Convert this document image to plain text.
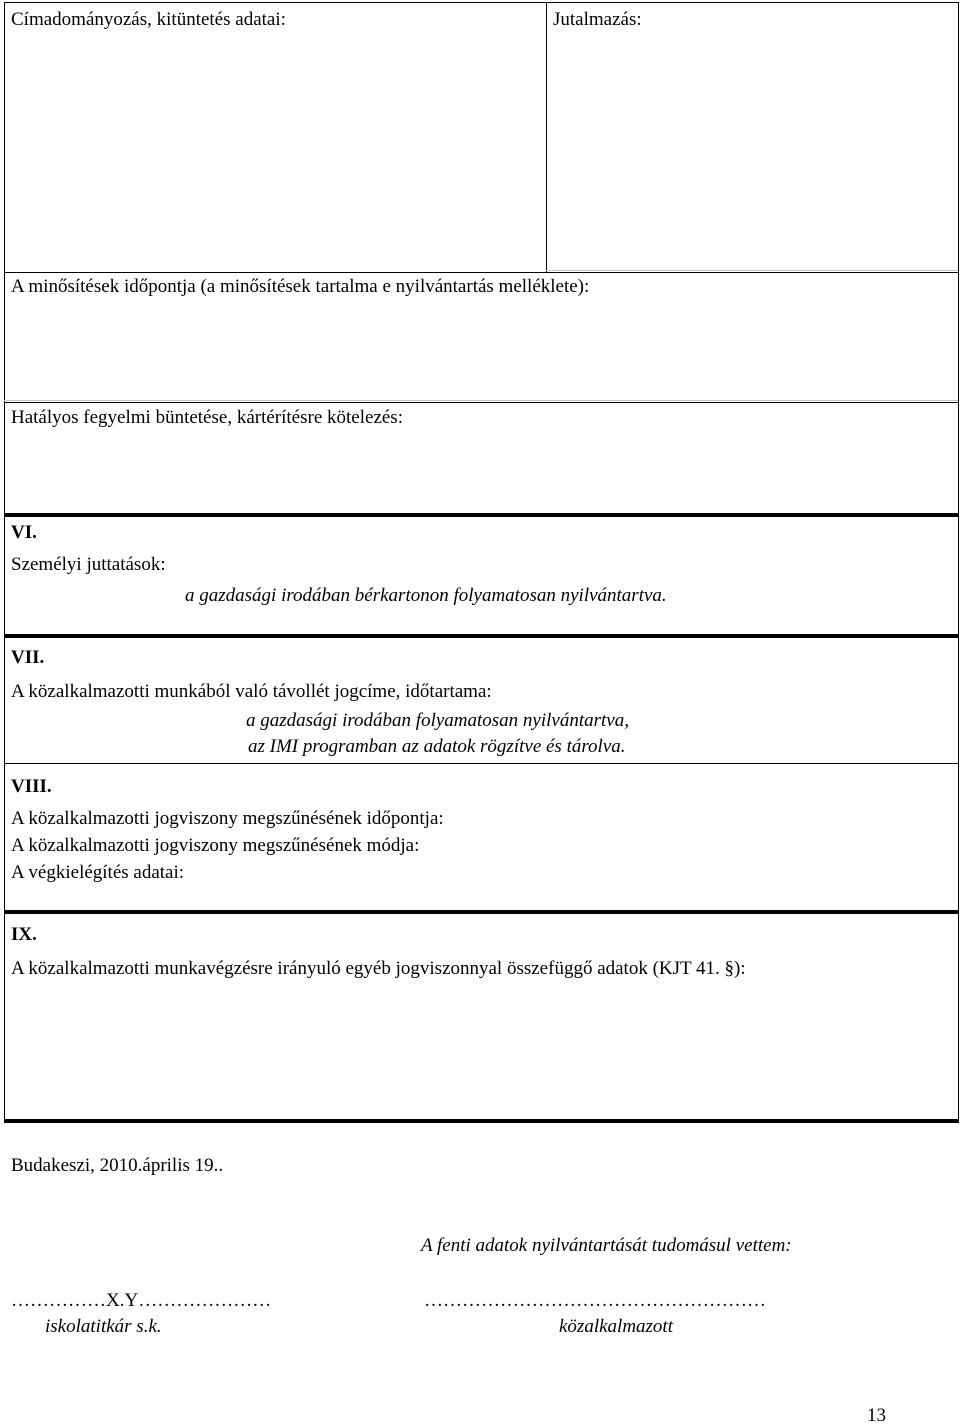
Címadományozás, kitüntetés adatai:	Jutalmazás:
A minősítések időpontja (a minősítések tartalma e nyilvántartás melléklete):
Hatályos fegyelmi büntetése, kártérítésre kötelezés:
VI.
Személyi juttatások:
a gazdasági irodában bérkartonon folyamatosan nyilvántartva.
VII.
A közalkalmazotti munkából való távollét jogcíme, időtartama:
a gazdasági irodában folyamatosan nyilvántartva,
az IMI programban az adatok rögzítve és tárolva.
VIII.
A közalkalmazotti jogviszony megszűnésének időpontja:
A közalkalmazotti jogviszony megszűnésének módja:
A végkielégítés adatai:
IX.
A közalkalmazotti munkavégzésre irányuló egyéb jogviszonnyal összefüggő adatok (KJT 41. §):
Budakeszi, 2010.április 19..
A fenti adatok nyilvántartását tudomásul vettem:
……………X.Y…………………
iskolatitkár s.k.
………………………………………………
közalkalmazott
13
